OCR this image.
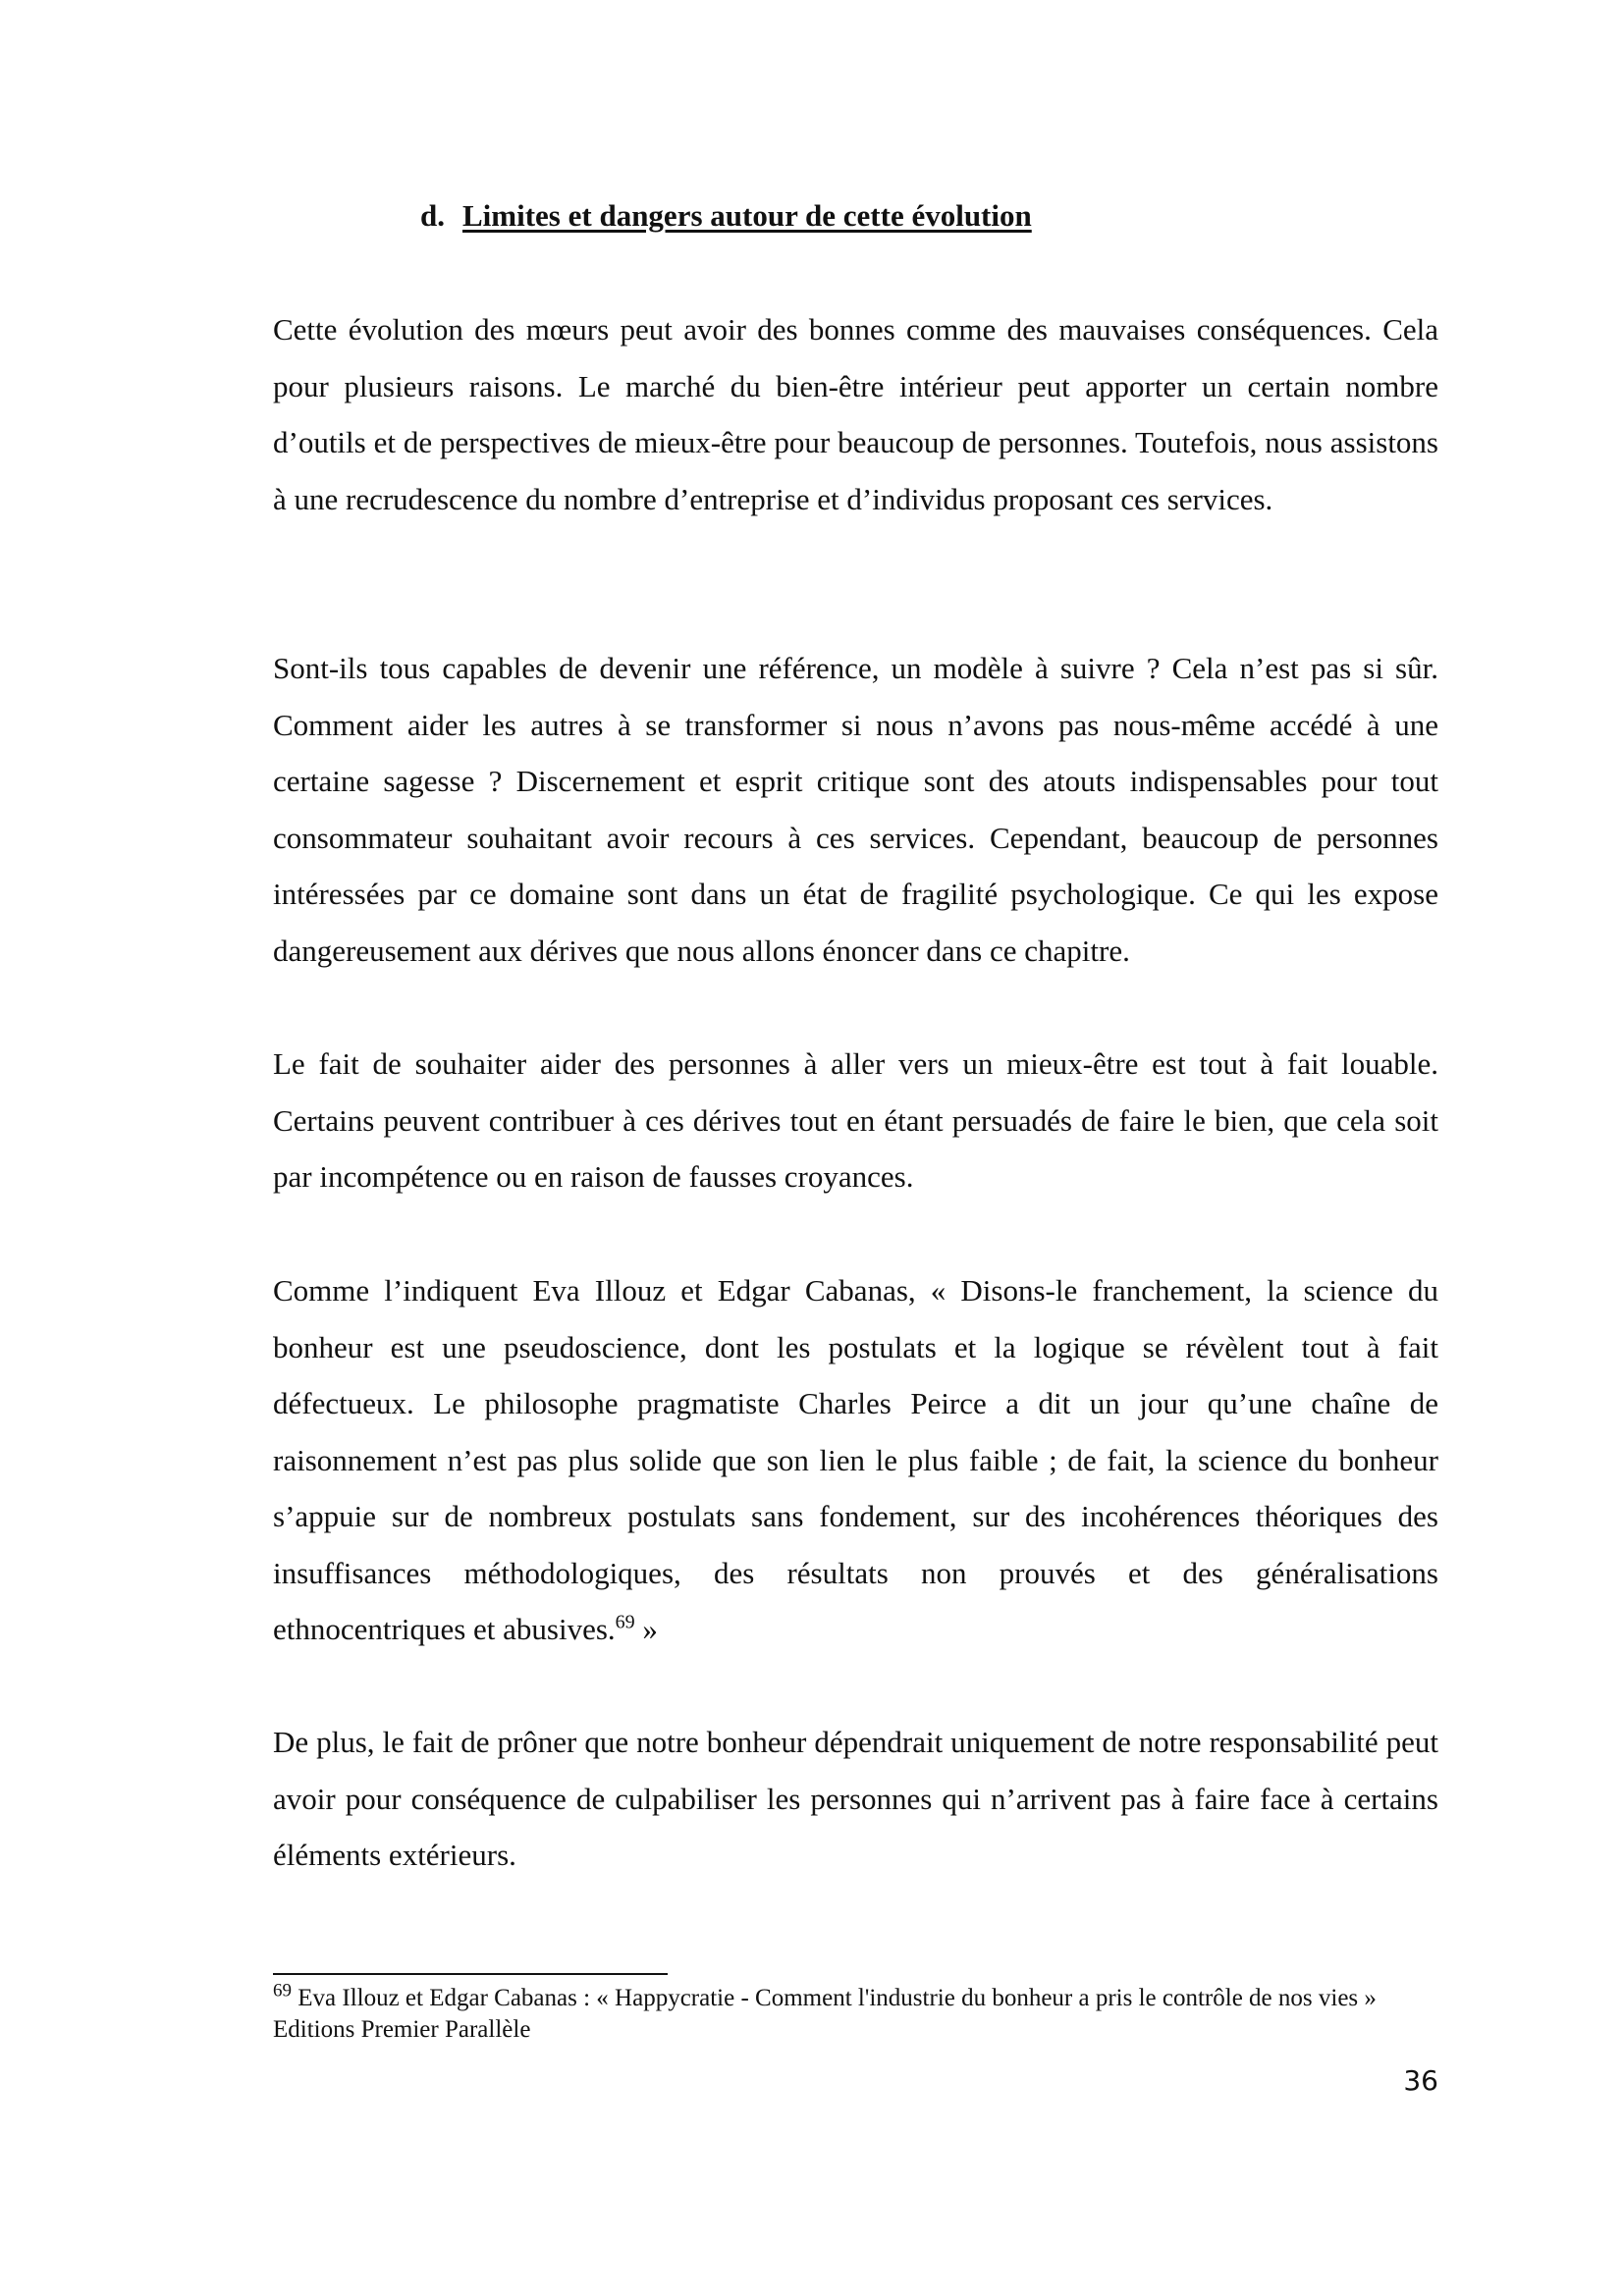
d. Limites et dangers autour de cette évolution

Cette évolution des mœurs peut avoir des bonnes comme des mauvaises conséquences. Cela pour plusieurs raisons. Le marché du bien-être intérieur peut apporter un certain nombre d’outils et de perspectives de mieux-être pour beaucoup de personnes. Toutefois, nous assistons à une recrudescence du nombre d’entreprise et d’individus proposant ces services.

Sont-ils tous capables de devenir une référence, un modèle à suivre ? Cela n’est pas si sûr. Comment aider les autres à se transformer si nous n’avons pas nous-même accédé à une certaine sagesse ? Discernement et esprit critique sont des atouts indispensables pour tout consommateur souhaitant avoir recours à ces services. Cependant, beaucoup de personnes intéressées par ce domaine sont dans un état de fragilité psychologique. Ce qui les expose dangereusement aux dérives que nous allons énoncer dans ce chapitre.

Le fait de souhaiter aider des personnes à aller vers un mieux-être est tout à fait louable. Certains peuvent contribuer à ces dérives tout en étant persuadés de faire le bien, que cela soit par incompétence ou en raison de fausses croyances.

Comme l’indiquent Eva Illouz et Edgar Cabanas, « Disons-le franchement, la science du bonheur est une pseudoscience, dont les postulats et la logique se révèlent tout à fait défectueux. Le philosophe pragmatiste Charles Peirce a dit un jour qu’une chaîne de raisonnement n’est pas plus solide que son lien le plus faible ; de fait, la science du bonheur s’appuie sur de nombreux postulats sans fondement, sur des incohérences théoriques des insuffisances méthodologiques, des résultats non prouvés et des généralisations ethnocentriques et abusives.$^{69}$ »

De plus, le fait de prôner que notre bonheur dépendrait uniquement de notre responsabilité peut avoir pour conséquence de culpabiliser les personnes qui n’arrivent pas à faire face à certains éléments extérieurs.

$^{69}$ Eva Illouz et Edgar Cabanas : « Happycratie - Comment l'industrie du bonheur a pris le contrôle de nos vies » Editions Premier Parallèle

36
